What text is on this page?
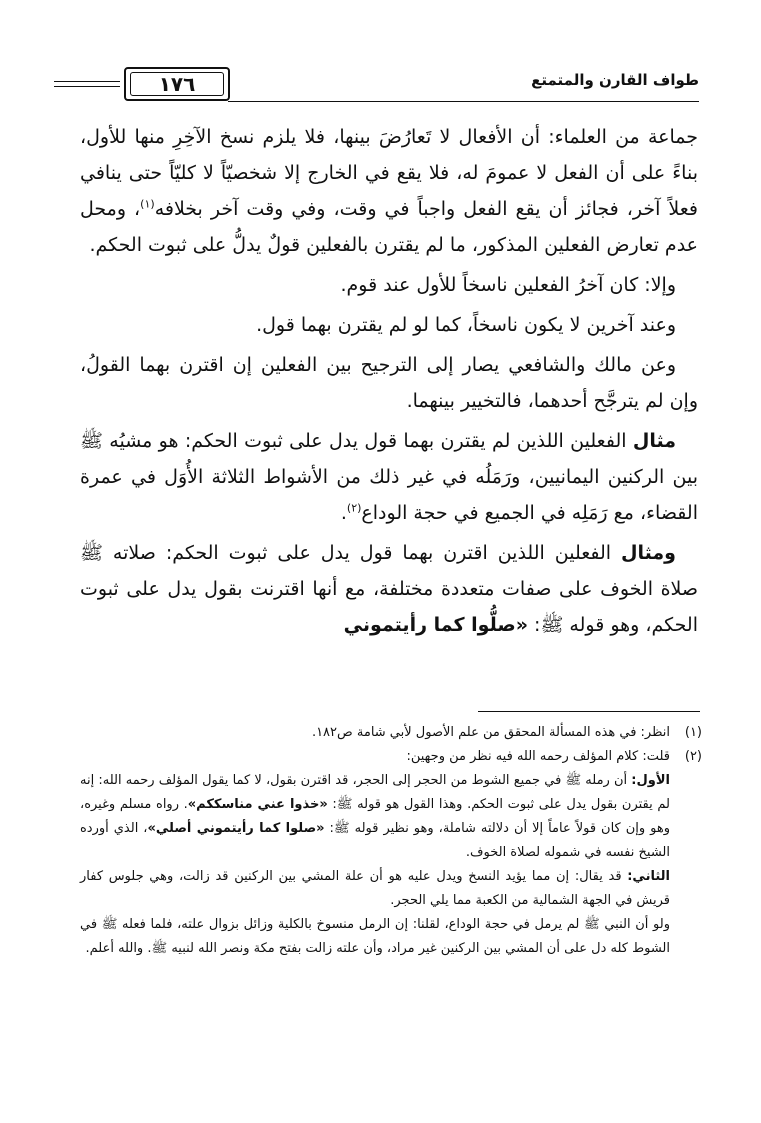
١٧٦	طواف القارن والمتمتع

جماعة من العلماء: أن الأفعال لا تَعارُضَ بينها، فلا يلزم نسخ الآخِرِ منها للأول، بناءً على أن الفعل لا عمومَ له، فلا يقع في الخارج إلا شخصيّاً لا كليّاً حتى ينافي فعلاً آخر، فجائز أن يقع الفعل واجباً في وقت، وفي وقت آخر بخلافه$^{(١)}$، ومحل عدم تعارض الفعلين المذكور، ما لم يقترن بالفعلين قولٌ يدلُّ على ثبوت الحكم.

وإلا: كان آخرُ الفعلين ناسخاً للأول عند قوم.

وعند آخرين لا يكون ناسخاً، كما لو لم يقترن بهما قول.

وعن مالك والشافعي يصار إلى الترجيح بين الفعلين إن اقترن بهما القولُ، وإن لم يترجَّح أحدهما، فالتخيير بينهما.

مثال الفعلين اللذين لم يقترن بهما قول يدل على ثبوت الحكم: هو مشيُه ﷺ بين الركنين اليمانيين، ورَمَلُه في غير ذلك من الأشواط الثلاثة الأُوَل في عمرة القضاء، مع رَمَلِه في الجميع في حجة الوداع$^{(٢)}$.

ومثال الفعلين اللذين اقترن بهما قول يدل على ثبوت الحكم: صلاته ﷺ صلاة الخوف على صفات متعددة مختلفة، مع أنها اقترنت بقول يدل على ثبوت الحكم، وهو قوله ﷺ: «صلُّوا كما رأيتموني

(١)
انظر: في هذه المسألة المحقق من علم الأصول لأبي شامة ص١٨٢.
(٢)

قلت: كلام المؤلف رحمه الله فيه نظر من وجهين:

الأول: أن رمله ﷺ في جميع الشوط من الحجر إلى الحجر، قد اقترن بقول، لا كما يقول المؤلف رحمه الله: إنه لم يقترن بقول يدل على ثبوت الحكم. وهذا القول هو قوله ﷺ: «خذوا عني مناسككم». رواه مسلم وغيره، وهو وإن كان قولاً عاماً إلا أن دلالته شاملة، وهو نظير قوله ﷺ: «صلوا كما رأيتموني أصلي»، الذي أورده الشيخ نفسه في شموله لصلاة الخوف.

الثاني: قد يقال: إن مما يؤيد النسخ ويدل عليه هو أن علة المشي بين الركنين قد زالت، وهي جلوس كفار قريش في الجهة الشمالية من الكعبة مما يلي الحجر.

ولو أن النبي ﷺ لم يرمل في حجة الوداع، لقلنا: إن الرمل منسوخ بالكلية وزائل بزوال علته، فلما فعله ﷺ في الشوط كله دل على أن المشي بين الركنين غير مراد، وأن علته زالت بفتح مكة ونصر الله لنبيه ﷺ. والله أعلم.
